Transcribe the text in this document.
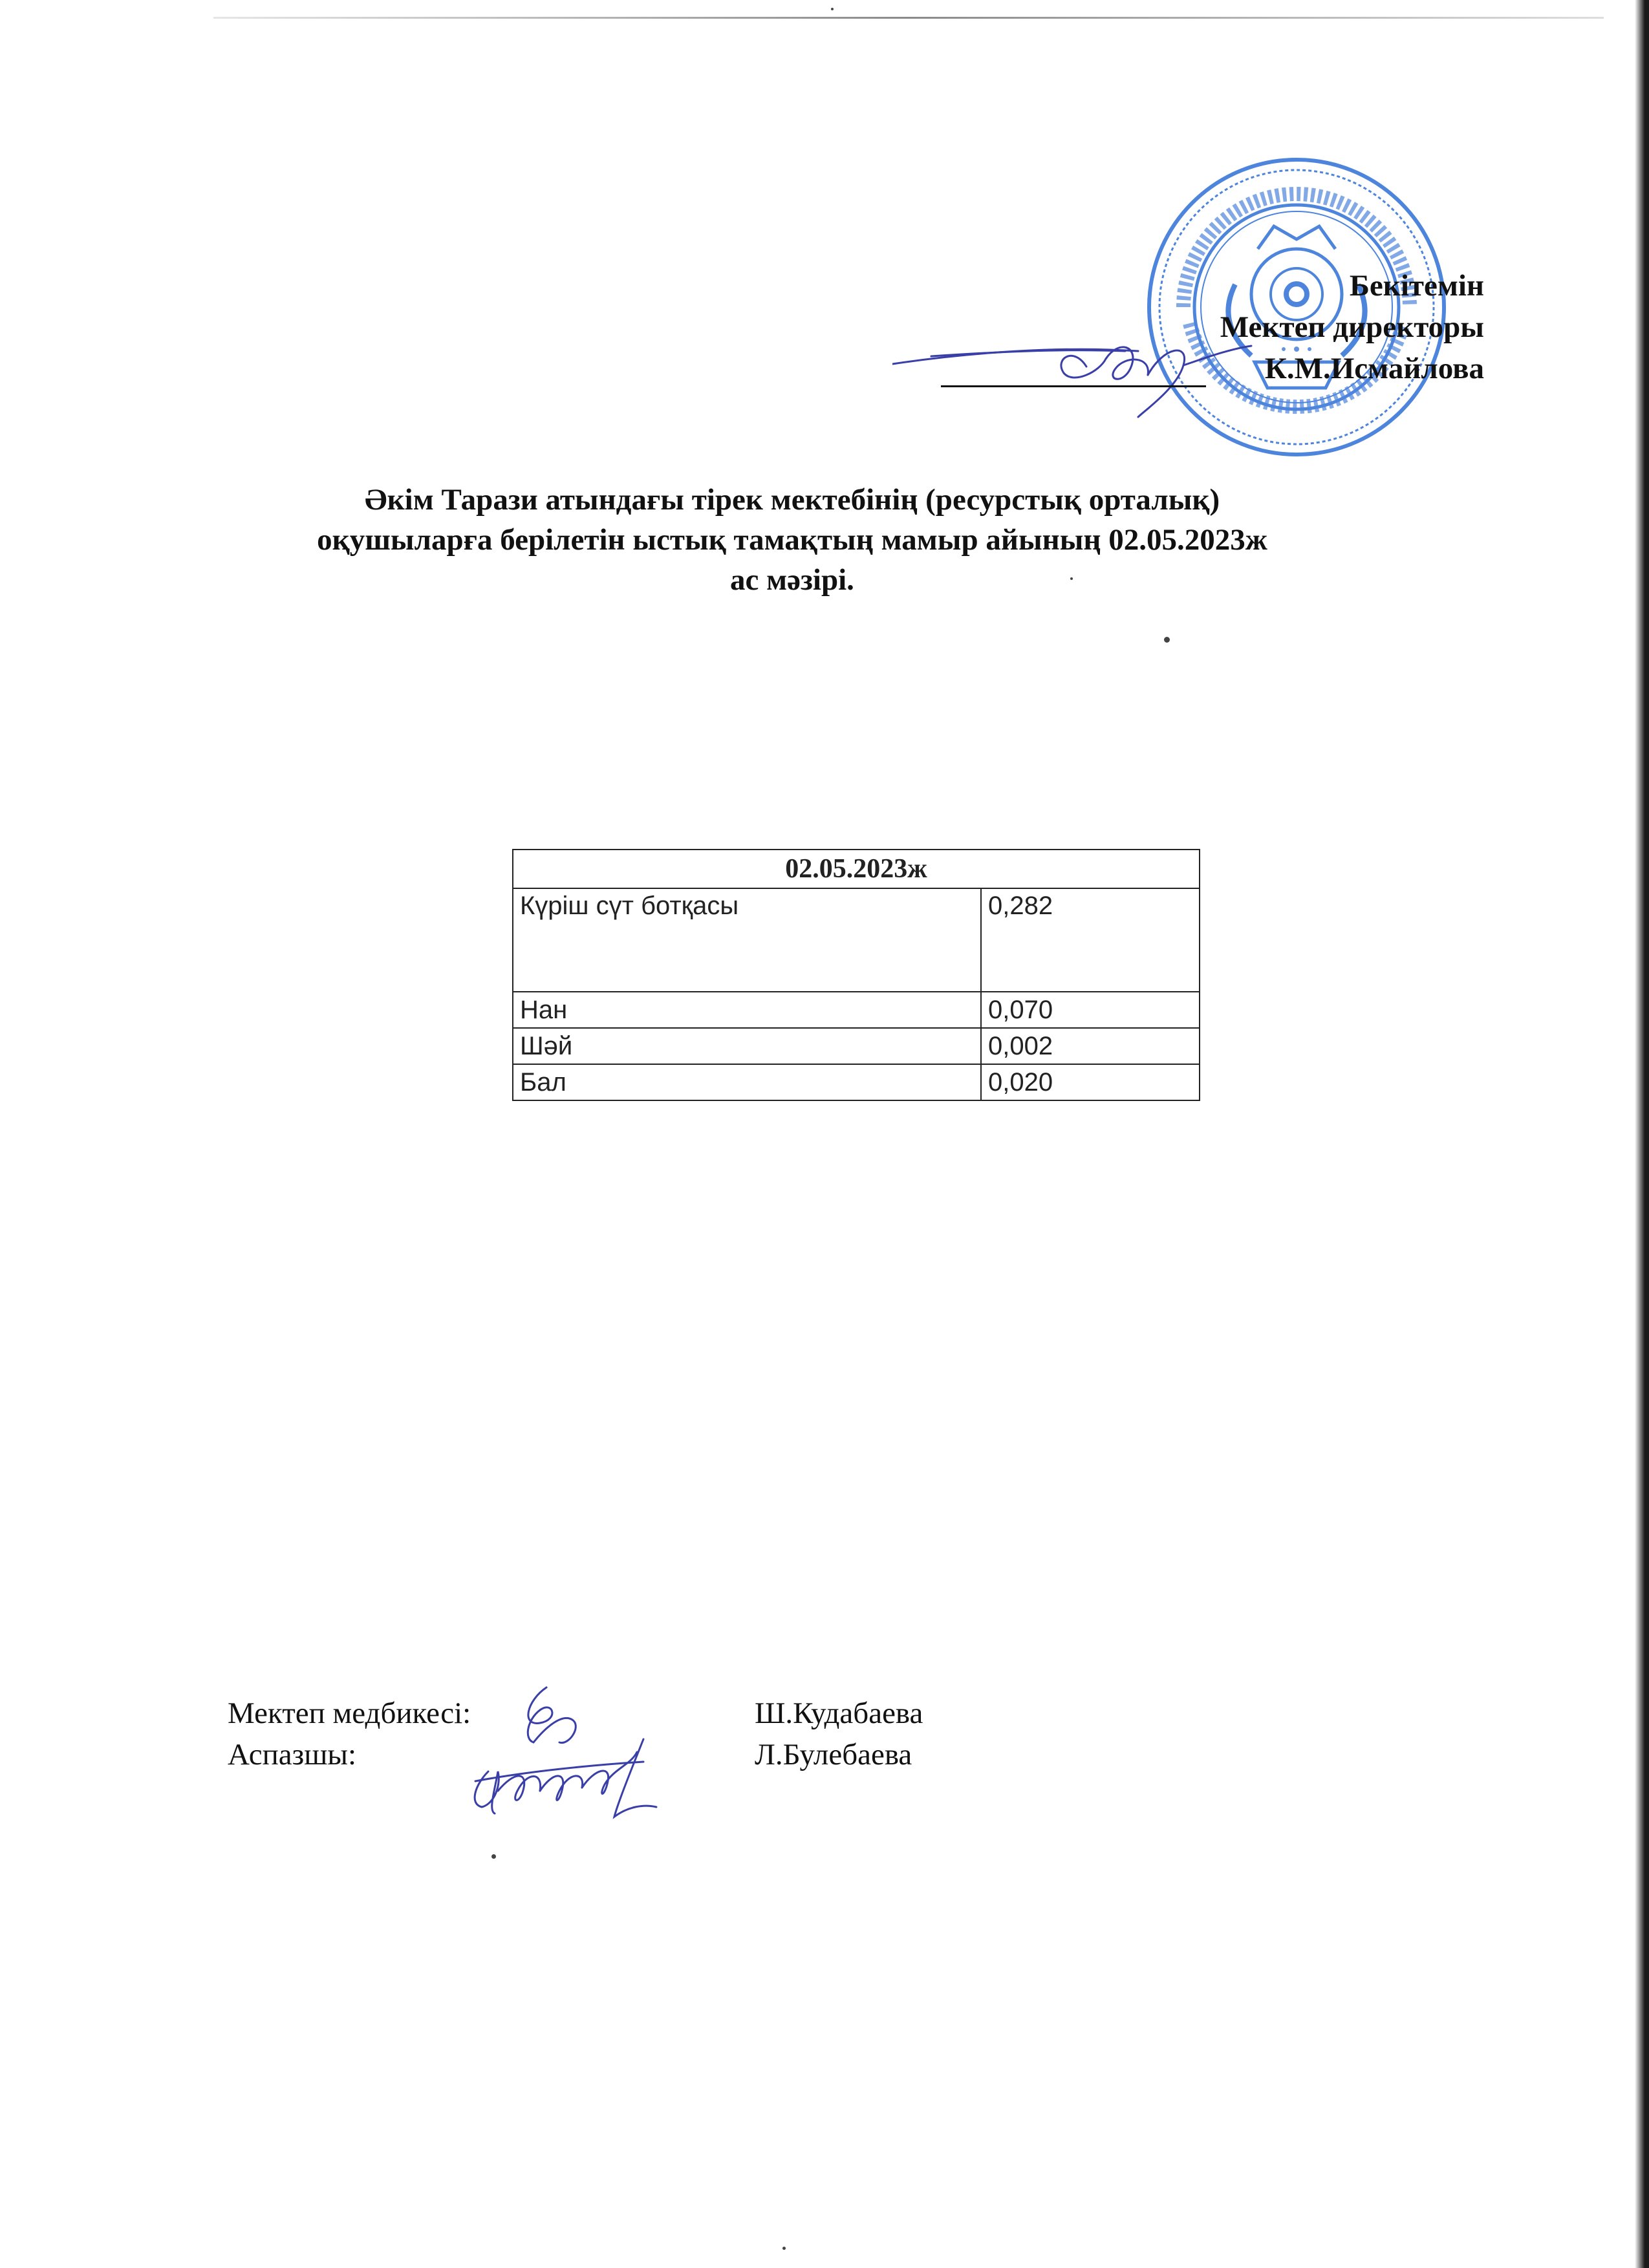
Бекітемін
Мектеп директоры
К.М.Исмайлова
Әкім Тарази атындағы тірек мектебінің (ресурстық орталық)
оқушыларға берілетін ыстық тамақтың мамыр айының 02.05.2023ж
ас мәзірі.
02.05.2023ж	
Күріш сүт ботқасы	0,282
Нан	0,070
Шәй	0,002
Бал	0,020
Мектеп медбикесі:	Ш.Кудабаева
Аспазшы:	Л.Булебаева
